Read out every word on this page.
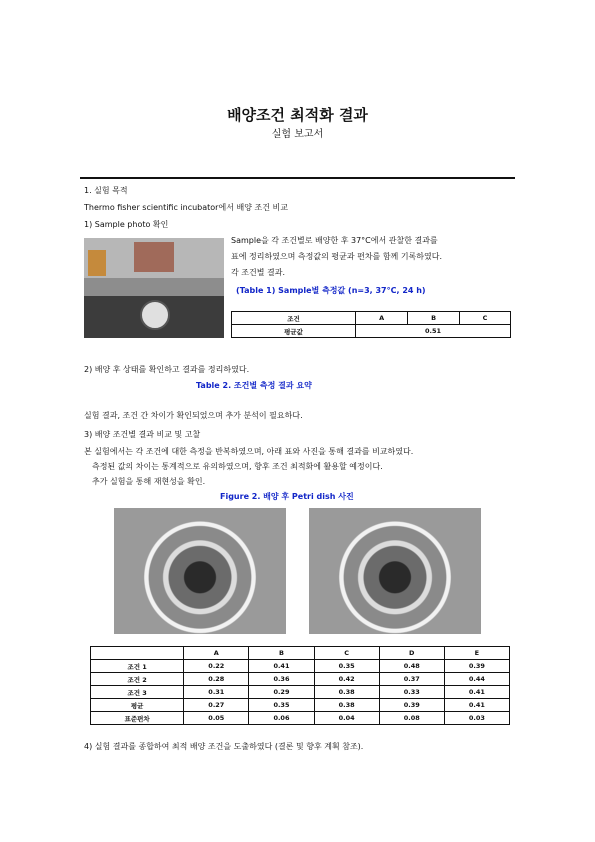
배양조건 최적화 결과
실험 보고서
1. 실험 목적
Thermo fisher scientific incubator에서 배양 조건 비교
1) Sample photo 확인
Sample을 각 조건별로 배양한 후 37°C에서 관찰한 결과를
표에 정리하였으며 측정값의 평균과 편차를 함께 기록하였다.
각 조건별 결과.
(Table 1) Sample별 측정값 (n=3, 37°C, 24 h)
조건	A	B	C
평균값	0.51		
2) 배양 후 상태를 확인하고 결과를 정리하였다.
Table 2. 조건별 측정 결과 요약
실험 결과, 조건 간 차이가 확인되었으며 추가 분석이 필요하다.
3) 배양 조건별 결과 비교 및 고찰
본 실험에서는 각 조건에 대한 측정을 반복하였으며, 아래 표와 사진을 통해 결과를 비교하였다.
측정된 값의 차이는 통계적으로 유의하였으며, 향후 조건 최적화에 활용할 예정이다.
추가 실험을 통해 재현성을 확인.
Figure 2. 배양 후 Petri dish 사진
	A	B	C	D	E
조건 1	0.22	0.41	0.35	0.48	0.39
조건 2	0.28	0.36	0.42	0.37	0.44
조건 3	0.31	0.29	0.38	0.33	0.41
평균	0.27	0.35	0.38	0.39	0.41
표준편차	0.05	0.06	0.04	0.08	0.03
4) 실험 결과를 종합하여 최적 배양 조건을 도출하였다 (결론 및 향후 계획 참조).
